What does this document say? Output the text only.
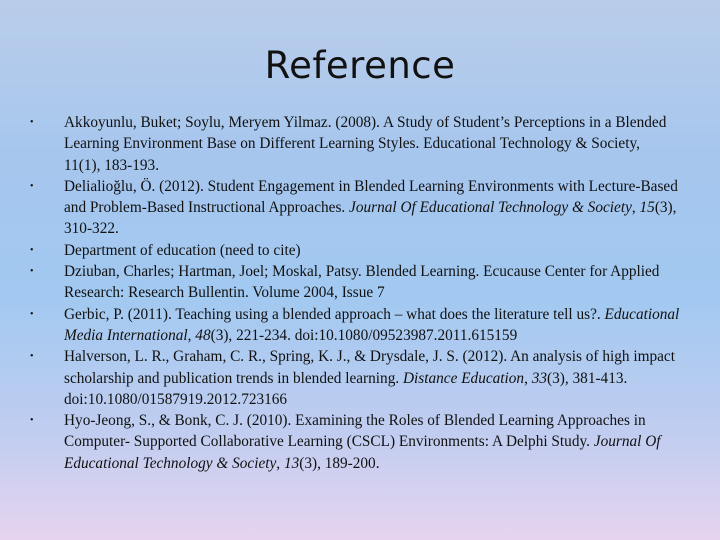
Reference
• Akkoyunlu, Buket; Soylu, Meryem Yilmaz. (2008). A Study of Student’s Perceptions in a Blended Learning Environment Base on Different Learning Styles. Educational Technology & Society, 11(1), 183-193.
• Delialioğlu, Ö. (2012). Student Engagement in Blended Learning Environments with Lecture-Based and Problem-Based Instructional Approaches. Journal Of Educational Technology & Society, 15(3), 310-322.
• Department of education (need to cite)
• Dziuban, Charles; Hartman, Joel; Moskal, Patsy. Blended Learning. Ecucause Center for Applied Research: Research Bullentin. Volume 2004, Issue 7
• Gerbic, P. (2011). Teaching using a blended approach – what does the literature tell us?. Educational Media International, 48(3), 221-234. doi:10.1080/09523987.2011.615159
• Halverson, L. R., Graham, C. R., Spring, K. J., & Drysdale, J. S. (2012). An analysis of high impact scholarship and publication trends in blended learning. Distance Education, 33(3), 381-413. doi:10.1080/01587919.2012.723166
• Hyo-Jeong, S., & Bonk, C. J. (2010). Examining the Roles of Blended Learning Approaches in Computer- Supported Collaborative Learning (CSCL) Environments: A Delphi Study. Journal Of Educational Technology & Society, 13(3), 189-200.
